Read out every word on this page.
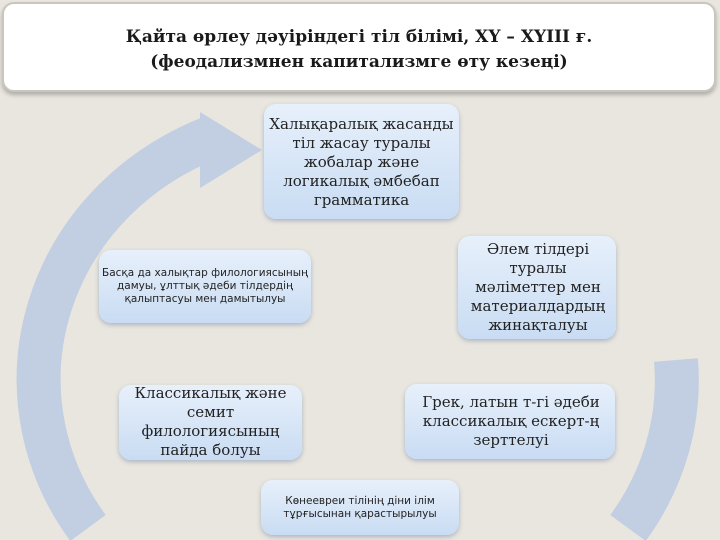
Қайта өрлеу дәуіріндегі тіл білімі, ХҮ – ХҮІІІ ғ.
(феодализмнен капитализмге өту кезеңі)
Халықаралық жасанды тіл жасау туралы жобалар және логикалық әмбебап грамматика
Басқа да халықтар филологиясының дамуы, ұлттық әдеби тілдердің қалыптасуы мен дамытылуы
Әлем тілдері туралы мәліметтер мен материалдардың жинақталуы
Классикалық және семит филологиясының пайда болуы
Грек, латын т-гі әдеби классикалық ескерт-ң зерттелуі
Көнеевреи тілінің діни ілім тұрғысынан қарастырылуы
